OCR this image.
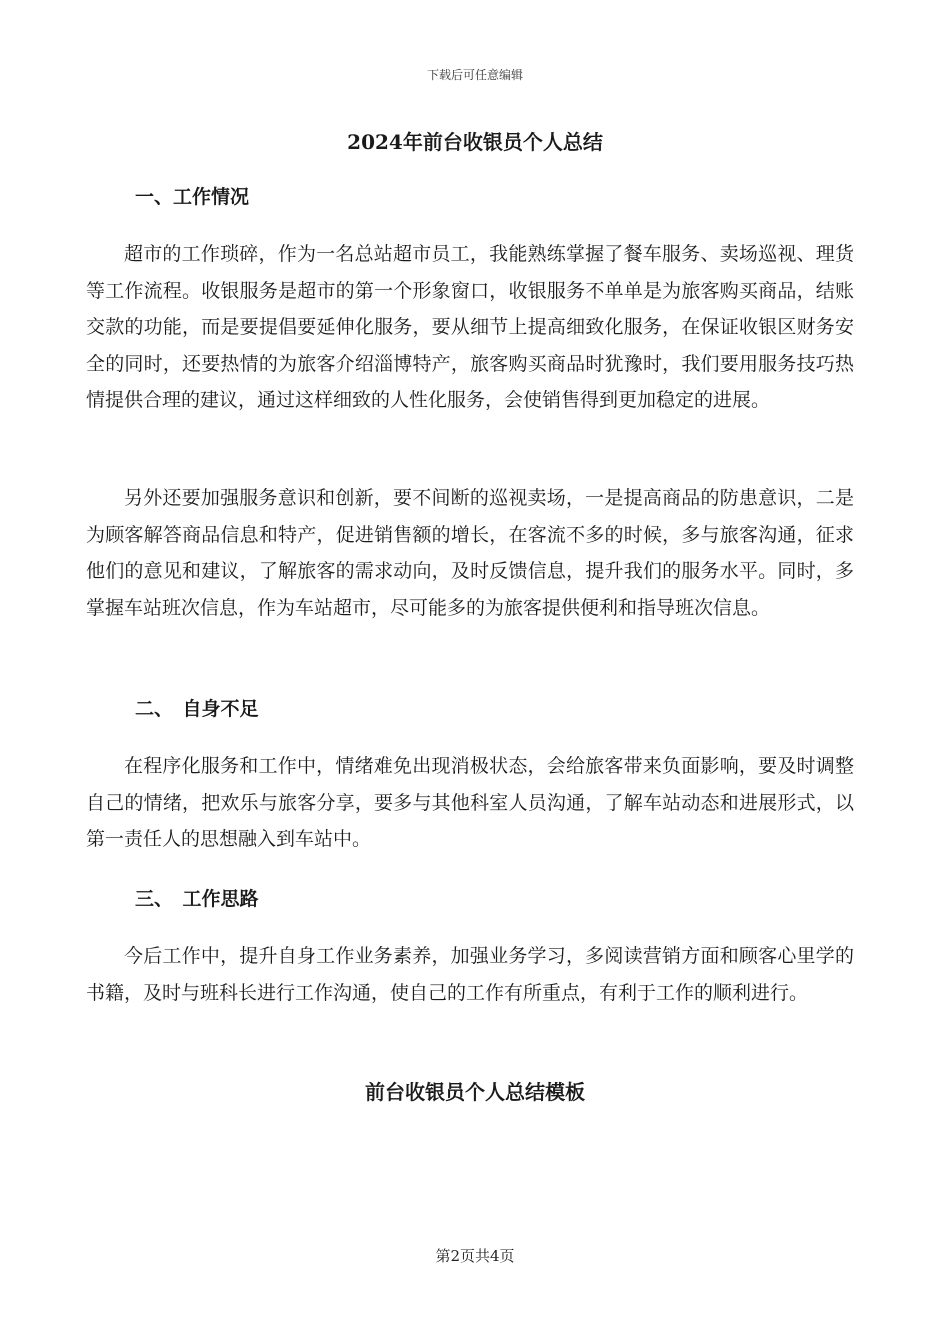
下载后可任意编辑
2024年前台收银员个人总结
一、工作情况

超市的工作琐碎，作为一名总站超市员工，我能熟练掌握了餐车服务、卖场巡视、理货等工作流程。收银服务是超市的第一个形象窗口，收银服务不单单是为旅客购买商品，结账交款的功能，而是要提倡要延伸化服务，要从细节上提高细致化服务，在保证收银区财务安全的同时，还要热情的为旅客介绍淄博特产，旅客购买商品时犹豫时，我们要用服务技巧热情提供合理的建议，通过这样细致的人性化服务，会使销售得到更加稳定的进展。

另外还要加强服务意识和创新，要不间断的巡视卖场，一是提高商品的防患意识，二是为顾客解答商品信息和特产，促进销售额的增长，在客流不多的时候，多与旅客沟通，征求他们的意见和建议，了解旅客的需求动向，及时反馈信息，提升我们的服务水平。同时，多掌握车站班次信息，作为车站超市，尽可能多的为旅客提供便利和指导班次信息。

二、　自身不足

在程序化服务和工作中，情绪难免出现消极状态，会给旅客带来负面影响，要及时调整自己的情绪，把欢乐与旅客分享，要多与其他科室人员沟通，了解车站动态和进展形式，以第一责任人的思想融入到车站中。

三、　工作思路

今后工作中，提升自身工作业务素养，加强业务学习，多阅读营销方面和顾客心里学的书籍，及时与班科长进行工作沟通，使自己的工作有所重点，有利于工作的顺利进行。

前台收银员个人总结模板
第2页共4页
